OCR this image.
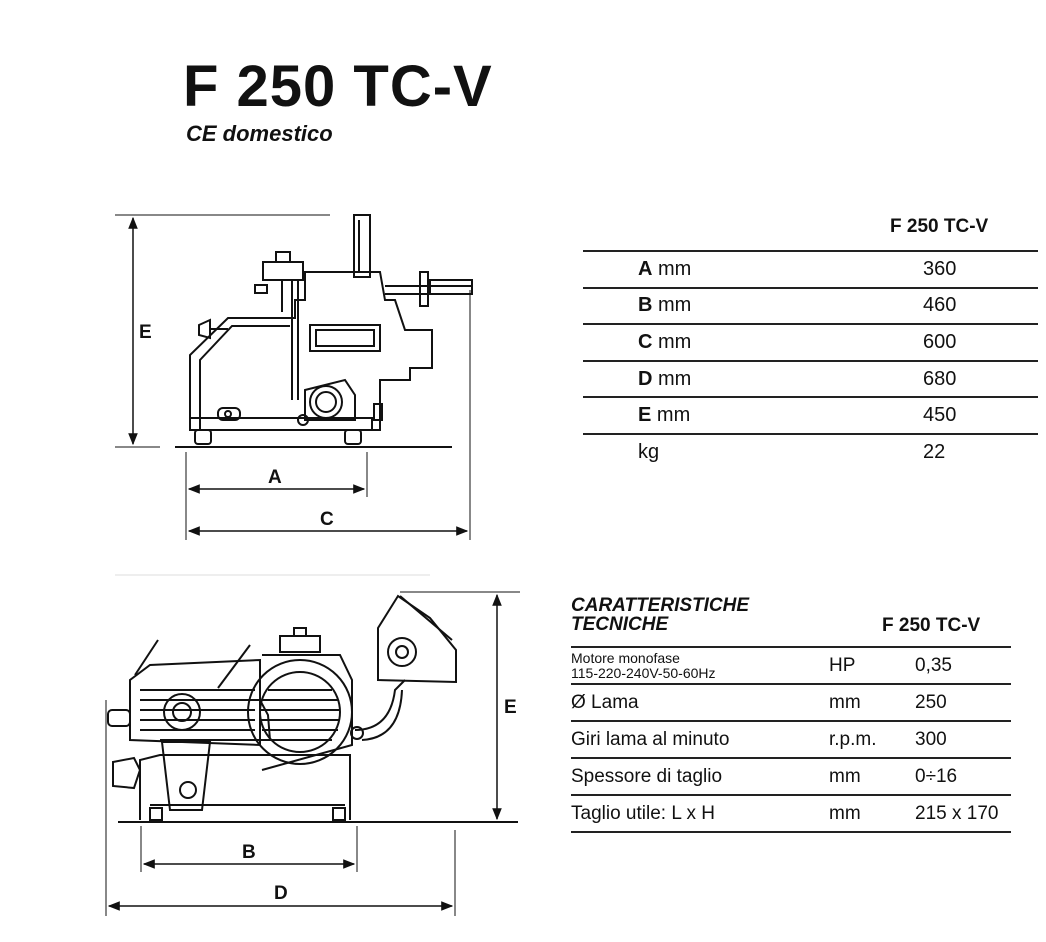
F 250 TC-V
CE domestico
E
A
C
E
B
D
F 250 TC-V
A mm	360
B mm	460
C mm	600
D mm	680
E mm	450
kg	22
CARATTERISTICHE
TECNICHE	F 250 TC-V
Motore monofase
115-220-240V-50-60Hz	HP	0,35
Ø Lama	mm	250
Giri lama al minuto	r.p.m.	300
Spessore di taglio	mm	0÷16
Taglio utile: L x H	mm	215 x 170
